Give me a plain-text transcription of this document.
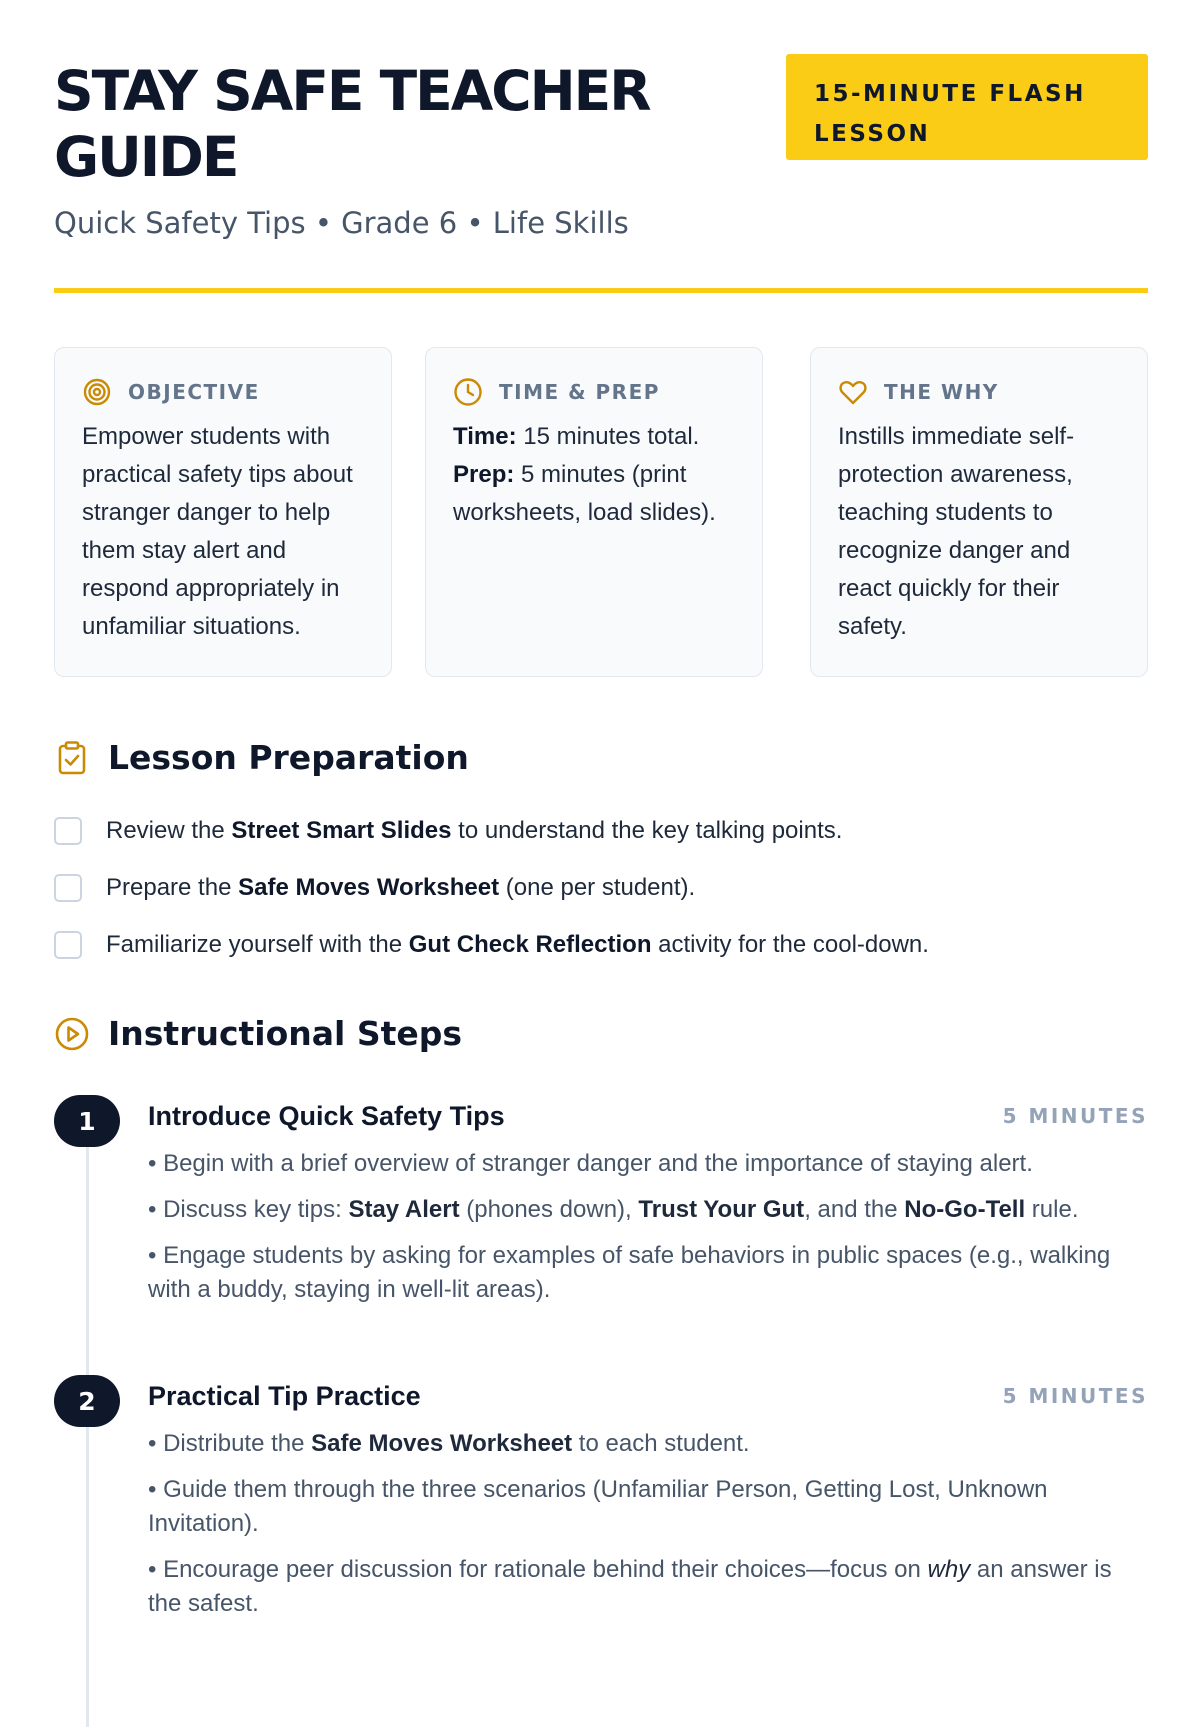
STAY SAFE TEACHER GUIDE
15-MINUTE FLASH LESSON
Quick Safety Tips • Grade 6 • Life Skills
OBJECTIVE
Empower students with practical safety tips about stranger danger to help them stay alert and respond appropriately in unfamiliar situations.
TIME & PREP
Time: 15 minutes total.
Prep: 5 minutes (print worksheets, load slides).
THE WHY
Instills immediate self-protection awareness, teaching students to recognize danger and react quickly for their safety.
Lesson Preparation
Review the Street Smart Slides to understand the key talking points.
Prepare the Safe Moves Worksheet (one per student).
Familiarize yourself with the Gut Check Reflection activity for the cool-down.
Instructional Steps
1	Introduce Quick Safety Tips	5 MINUTES
• Begin with a brief overview of stranger danger and the importance of staying alert.
• Discuss key tips: Stay Alert (phones down), Trust Your Gut, and the No-Go-Tell rule.
• Engage students by asking for examples of safe behaviors in public spaces (e.g., walking with a buddy, staying in well-lit areas).
2	Practical Tip Practice	5 MINUTES
• Distribute the Safe Moves Worksheet to each student.
• Guide them through the three scenarios (Unfamiliar Person, Getting Lost, Unknown Invitation).
• Encourage peer discussion for rationale behind their choices—focus on why an answer is the safest.
